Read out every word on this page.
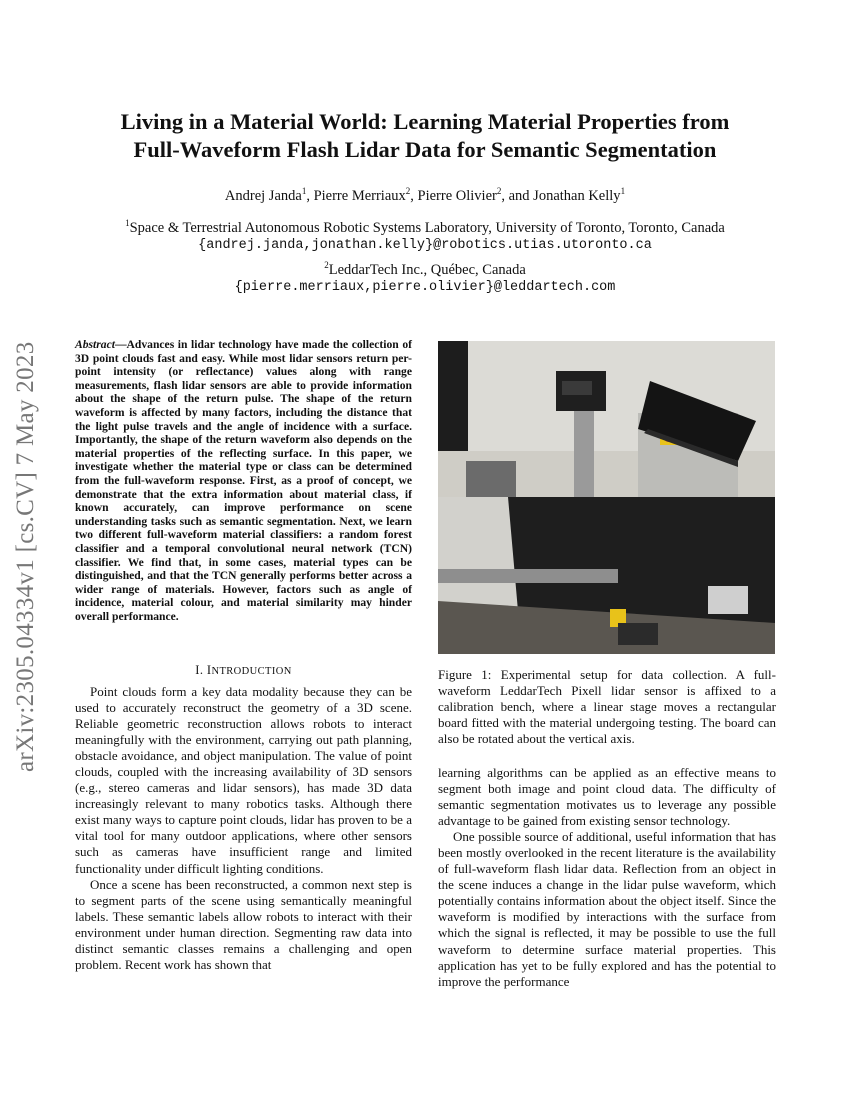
arXiv:2305.04334v1 [cs.CV] 7 May 2023
Living in a Material World: Learning Material Properties from
Full-Waveform Flash Lidar Data for Semantic Segmentation
Andrej Janda$^1$, Pierre Merriaux$^2$, Pierre Olivier$^2$, and Jonathan Kelly$^1$
$^1$Space & Terrestrial Autonomous Robotic Systems Laboratory, University of Toronto, Toronto, Canada
{andrej.janda,jonathan.kelly}@robotics.utias.utoronto.ca
$^2$LeddarTech Inc., Québec, Canada
{pierre.merriaux,pierre.olivier}@leddartech.com
Abstract—Advances in lidar technology have made the collection of 3D point clouds fast and easy. While most lidar sensors return per-point intensity (or reflectance) values along with range measurements, flash lidar sensors are able to provide information about the shape of the return pulse. The shape of the return waveform is affected by many factors, including the distance that the light pulse travels and the angle of incidence with a surface. Importantly, the shape of the return waveform also depends on the material properties of the reflecting surface. In this paper, we investigate whether the material type or class can be determined from the full-waveform response. First, as a proof of concept, we demonstrate that the extra information about material class, if known accurately, can improve performance on scene understanding tasks such as semantic segmentation. Next, we learn two different full-waveform material classifiers: a random forest classifier and a temporal convolutional neural network (TCN) classifier. We find that, in some cases, material types can be distinguished, and that the TCN generally performs better across a wider range of materials. However, factors such as angle of incidence, material colour, and material similarity may hinder overall performance.
I. INTRODUCTION

Point clouds form a key data modality because they can be used to accurately reconstruct the geometry of a 3D scene. Reliable geometric reconstruction allows robots to interact meaningfully with the environment, carrying out path planning, obstacle avoidance, and object manipulation. The value of point clouds, coupled with the increasing availability of 3D sensors (e.g., stereo cameras and lidar sensors), has made 3D data increasingly relevant to many robotics tasks. Although there exist many ways to capture point clouds, lidar has proven to be a vital tool for many outdoor applications, where other sensors such as cameras have insufficient range and limited functionality under difficult lighting conditions.

Once a scene has been reconstructed, a common next step is to segment parts of the scene using semantically meaningful labels. These semantic labels allow robots to interact with their environment under human direction. Segmenting raw data into distinct semantic classes remains a challenging and open problem. Recent work has shown that

Figure 1: Experimental setup for data collection. A full-waveform LeddarTech Pixell lidar sensor is affixed to a calibration bench, where a linear stage moves a rectangular board fitted with the material undergoing testing. The board can also be rotated about the vertical axis.

learning algorithms can be applied as an effective means to segment both image and point cloud data. The difficulty of semantic segmentation motivates us to leverage any possible advantage to be gained from existing sensor technology.

One possible source of additional, useful information that has been mostly overlooked in the recent literature is the availability of full-waveform flash lidar data. Reflection from an object in the scene induces a change in the lidar pulse waveform, which potentially contains information about the object itself. Since the waveform is modified by interactions with the surface from which the signal is reflected, it may be possible to use the full waveform to determine surface material properties. This application has yet to be fully explored and has the potential to improve the performance
